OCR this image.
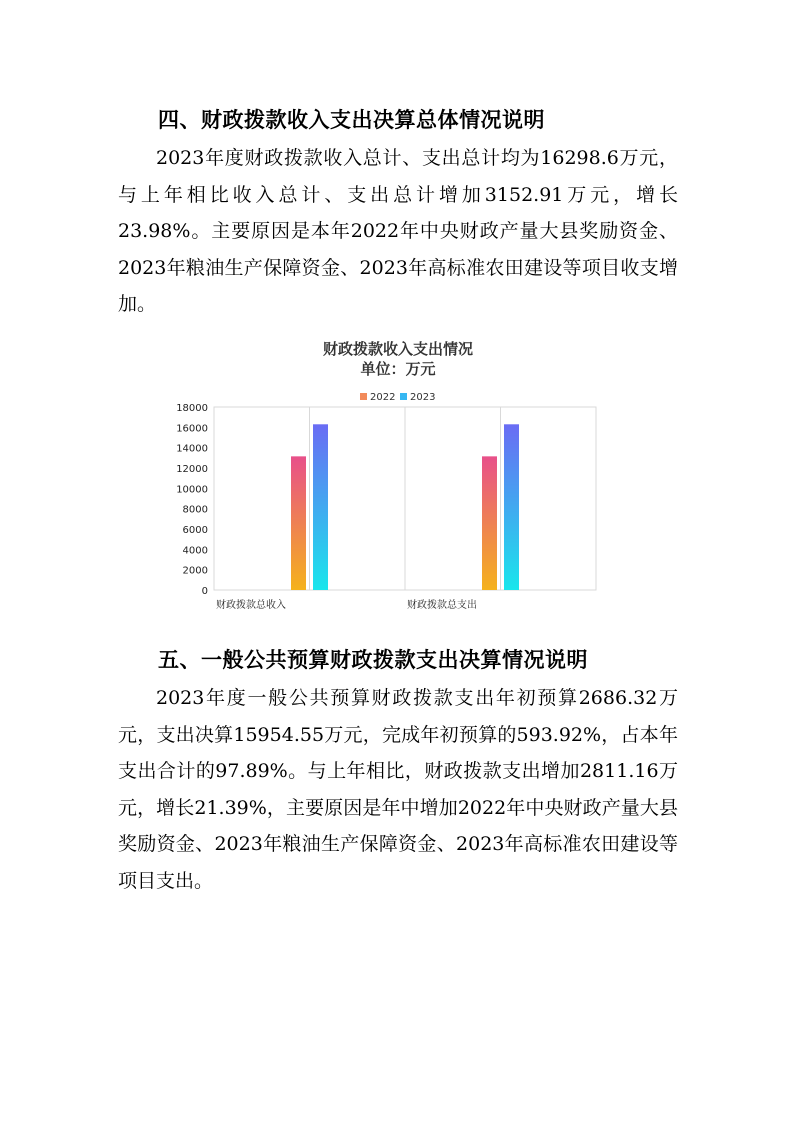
四、财政拨款收入支出决算总体情况说明

2023年度财政拨款收入总计、支出总计均为16298.6万元，与上年相比收入总计、支出总计增加3152.91万元，增长23.98%。主要原因是本年2022年中央财政产量大县奖励资金、2023年粮油生产保障资金、2023年高标准农田建设等项目收支增加。

财政拨款收入支出情况
单位：万元
0
2000
4000
6000
8000
10000
12000
14000
16000
18000
财政拨款总收入	财政拨款总支出
2022 2023
五、一般公共预算财政拨款支出决算情况说明

2023年度一般公共预算财政拨款支出年初预算2686.32万元，支出决算15954.55万元，完成年初预算的593.92%，占本年支出合计的97.89%。与上年相比，财政拨款支出增加2811.16万元，增长21.39%，主要原因是年中增加2022年中央财政产量大县奖励资金、2023年粮油生产保障资金、2023年高标准农田建设等项目支出。
